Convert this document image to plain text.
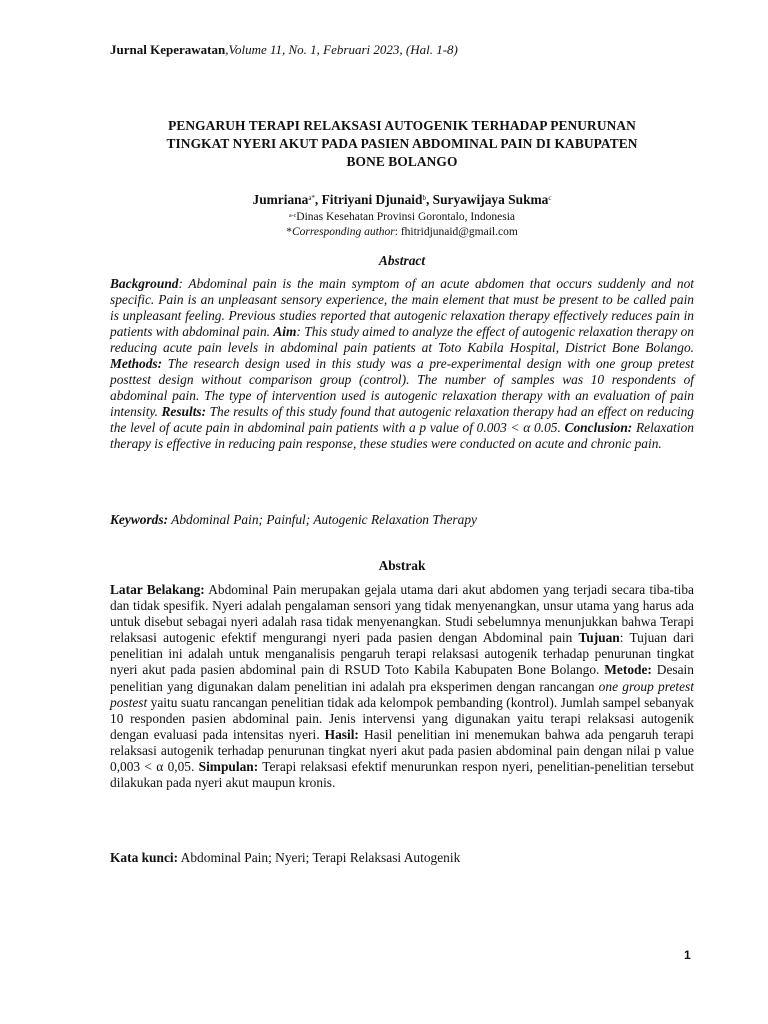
Jurnal Keperawatan,Volume 11, No. 1, Februari 2023, (Hal. 1-8)
PENGARUH TERAPI RELAKSASI AUTOGENIK TERHADAP PENURUNAN
TINGKAT NYERI AKUT PADA PASIEN ABDOMINAL PAIN DI KABUPATEN
BONE BOLANGO
Jumriana$^{a*}$, Fitriyani Djunaid$^b$, Suryawijaya Sukma$^c$
$^{a-c}$Dinas Kesehatan Provinsi Gorontalo, Indonesia
*Corresponding author: fhitridjunaid@gmail.com
Abstract
Background: Abdominal pain is the main symptom of an acute abdomen that occurs suddenly and not specific. Pain is an unpleasant sensory experience, the main element that must be present to be called pain is unpleasant feeling. Previous studies reported that autogenic relaxation therapy effectively reduces pain in patients with abdominal pain. Aim: This study aimed to analyze the effect of autogenic relaxation therapy on reducing acute pain levels in abdominal pain patients at Toto Kabila Hospital, District Bone Bolango. Methods: The research design used in this study was a pre-experimental design with one group pretest posttest design without comparison group (control). The number of samples was 10 respondents of abdominal pain. The type of intervention used is autogenic relaxation therapy with an evaluation of pain intensity. Results: The results of this study found that autogenic relaxation therapy had an effect on reducing the level of acute pain in abdominal pain patients with a p value of 0.003 < α 0.05. Conclusion: Relaxation therapy is effective in reducing pain response, these studies were conducted on acute and chronic pain.
Keywords: Abdominal Pain; Painful; Autogenic Relaxation Therapy
Abstrak
Latar Belakang: Abdominal Pain merupakan gejala utama dari akut abdomen yang terjadi secara tiba-tiba dan tidak spesifik. Nyeri adalah pengalaman sensori yang tidak menyenangkan, unsur utama yang harus ada untuk disebut sebagai nyeri adalah rasa tidak menyenangkan. Studi sebelumnya menunjukkan bahwa Terapi relaksasi autogenic efektif mengurangi nyeri pada pasien dengan Abdominal pain Tujuan: Tujuan dari penelitian ini adalah untuk menganalisis pengaruh terapi relaksasi autogenik terhadap penurunan tingkat nyeri akut pada pasien abdominal pain di RSUD Toto Kabila Kabupaten Bone Bolango. Metode: Desain penelitian yang digunakan dalam penelitian ini adalah pra eksperimen dengan rancangan one group pretest postest yaitu suatu rancangan penelitian tidak ada kelompok pembanding (kontrol). Jumlah sampel sebanyak 10 responden pasien abdominal pain. Jenis intervensi yang digunakan yaitu terapi relaksasi autogenik dengan evaluasi pada intensitas nyeri. Hasil: Hasil penelitian ini menemukan bahwa ada pengaruh terapi relaksasi autogenik terhadap penurunan tingkat nyeri akut pada pasien abdominal pain dengan nilai p value 0,003 < α 0,05. Simpulan: Terapi relaksasi efektif menurunkan respon nyeri, penelitian-penelitian tersebut dilakukan pada nyeri akut maupun kronis.
Kata kunci: Abdominal Pain; Nyeri; Terapi Relaksasi Autogenik
1
